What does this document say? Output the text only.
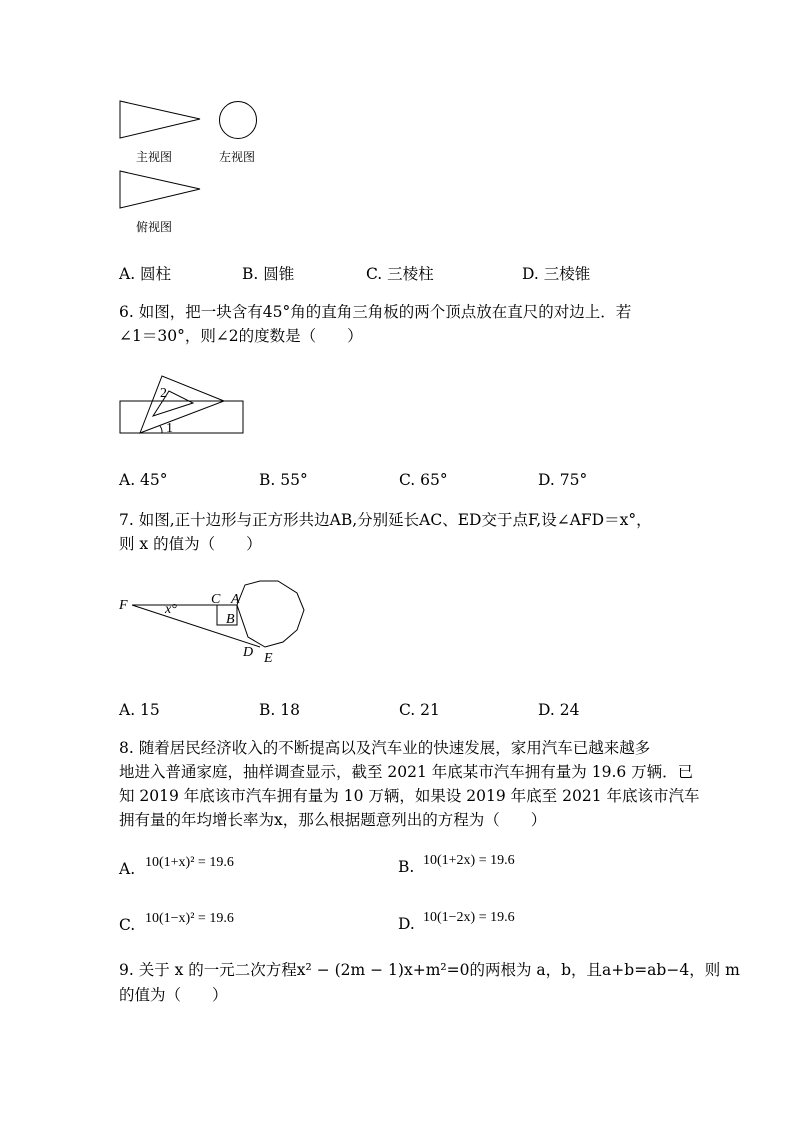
主视图	左视图
俯视图
A. 圆柱	B. 圆锥	C. 三棱柱	D. 三棱锥
6. 如图，把一块含有45°角的直角三角板的两个顶点放在直尺的对边上．若
∠1＝30°，则∠2的度数是（　　）
1
2
A. 45°	B. 55°	C. 65°	D. 75°
7. 如图,正十边形与正方形共边AB,分别延长AC、ED交于点F,设∠AFD＝x°，
则 x 的值为（　　）
F	C A
B
D E
x°
A. 15	B. 18	C. 21	D. 24
8. 随着居民经济收入的不断提高以及汽车业的快速发展，家用汽车已越来越多
地进入普通家庭，抽样调查显示，截至 2021 年底某市汽车拥有量为 19.6 万辆．已
知 2019 年底该市汽车拥有量为 10 万辆，如果设 2019 年底至 2021 年底该市汽车
拥有量的年均增长率为x，那么根据题意列出的方程为（　　）
A. 10(1+x)² = 19.6	B. 10(1+2x) = 19.6
C. 10(1−x)² = 19.6	D. 10(1−2x) = 19.6
9. 关于 x 的一元二次方程x² − (2m − 1)x+m²=0的两根为 a，b，且a+b=ab−4，则 m
的值为（　　）
